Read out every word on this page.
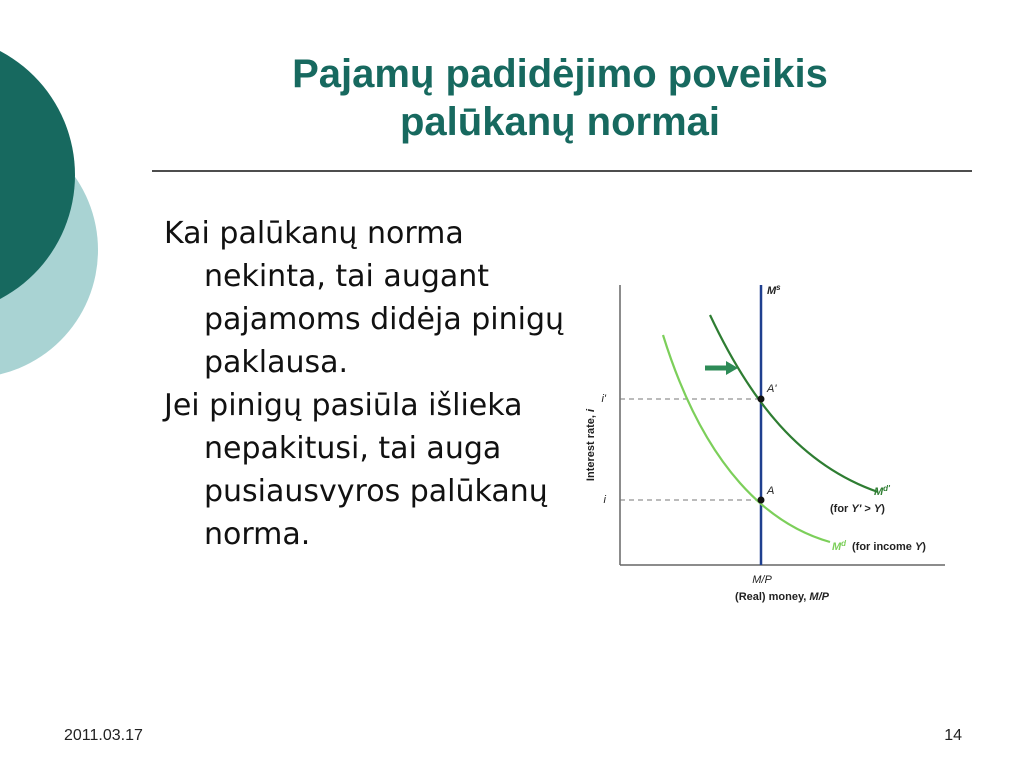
Pajamų padidėjimo poveikis
palūkanų normai
Kai palūkanų norma nekinta, tai augant pajamoms didėja pinigų paklausa.
Jei pinigų pasiūla išlieka nepakitusi, tai auga pusiausvyros palūkanų norma.
Interest rate, i
(Real) money, M/P
M/P
i'
i
$M^s$
A'
A	$M^{d'}$
(for Y' > Y)
$M^d$ (for income Y)
2011.03.17	14
